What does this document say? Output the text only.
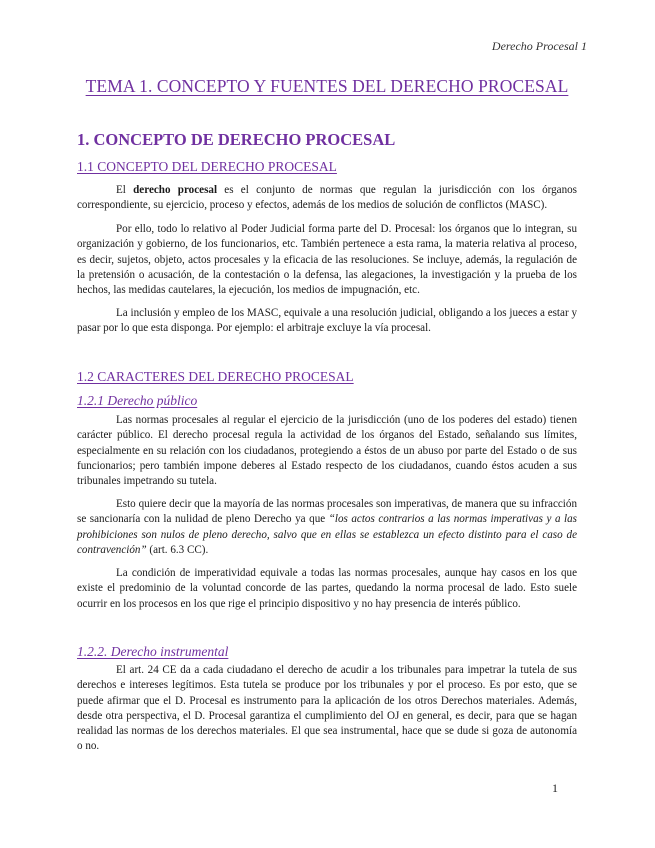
Derecho Procesal 1
TEMA 1. CONCEPTO Y FUENTES DEL DERECHO PROCESAL
1. CONCEPTO DE DERECHO PROCESAL
1.1 CONCEPTO DEL DERECHO PROCESAL

El derecho procesal es el conjunto de normas que regulan la jurisdicción con los órganos correspondiente, su ejercicio, proceso y efectos, además de los medios de solución de conflictos (MASC).

Por ello, todo lo relativo al Poder Judicial forma parte del D. Procesal: los órganos que lo integran, su organización y gobierno, de los funcionarios, etc. También pertenece a esta rama, la materia relativa al proceso, es decir, sujetos, objeto, actos procesales y la eficacia de las resoluciones. Se incluye, además, la regulación de la pretensión o acusación, de la contestación o la defensa, las alegaciones, la investigación y la prueba de los hechos, las medidas cautelares, la ejecución, los medios de impugnación, etc.

La inclusión y empleo de los MASC, equivale a una resolución judicial, obligando a los jueces a estar y pasar por lo que esta disponga. Por ejemplo: el arbitraje excluye la vía procesal.

1.2 CARACTERES DEL DERECHO PROCESAL
1.2.1 Derecho público

Las normas procesales al regular el ejercicio de la jurisdicción (uno de los poderes del estado) tienen carácter público. El derecho procesal regula la actividad de los órganos del Estado, señalando sus límites, especialmente en su relación con los ciudadanos, protegiendo a éstos de un abuso por parte del Estado o de sus funcionarios; pero también impone deberes al Estado respecto de los ciudadanos, cuando éstos acuden a sus tribunales impetrando su tutela.

Esto quiere decir que la mayoría de las normas procesales son imperativas, de manera que su infracción se sancionaría con la nulidad de pleno Derecho ya que “los actos contrarios a las normas imperativas y a las prohibiciones son nulos de pleno derecho, salvo que en ellas se establezca un efecto distinto para el caso de contravención” (art. 6.3 CC).

La condición de imperatividad equivale a todas las normas procesales, aunque hay casos en los que existe el predominio de la voluntad concorde de las partes, quedando la norma procesal de lado. Esto suele ocurrir en los procesos en los que rige el principio dispositivo y no hay presencia de interés público.

1.2.2. Derecho instrumental

El art. 24 CE da a cada ciudadano el derecho de acudir a los tribunales para impetrar la tutela de sus derechos e intereses legítimos. Esta tutela se produce por los tribunales y por el proceso. Es por esto, que se puede afirmar que el D. Procesal es instrumento para la aplicación de los otros Derechos materiales. Además, desde otra perspectiva, el D. Procesal garantiza el cumplimiento del OJ en general, es decir, para que se hagan realidad las normas de los derechos materiales. El que sea instrumental, hace que se dude si goza de autonomía o no.

1
